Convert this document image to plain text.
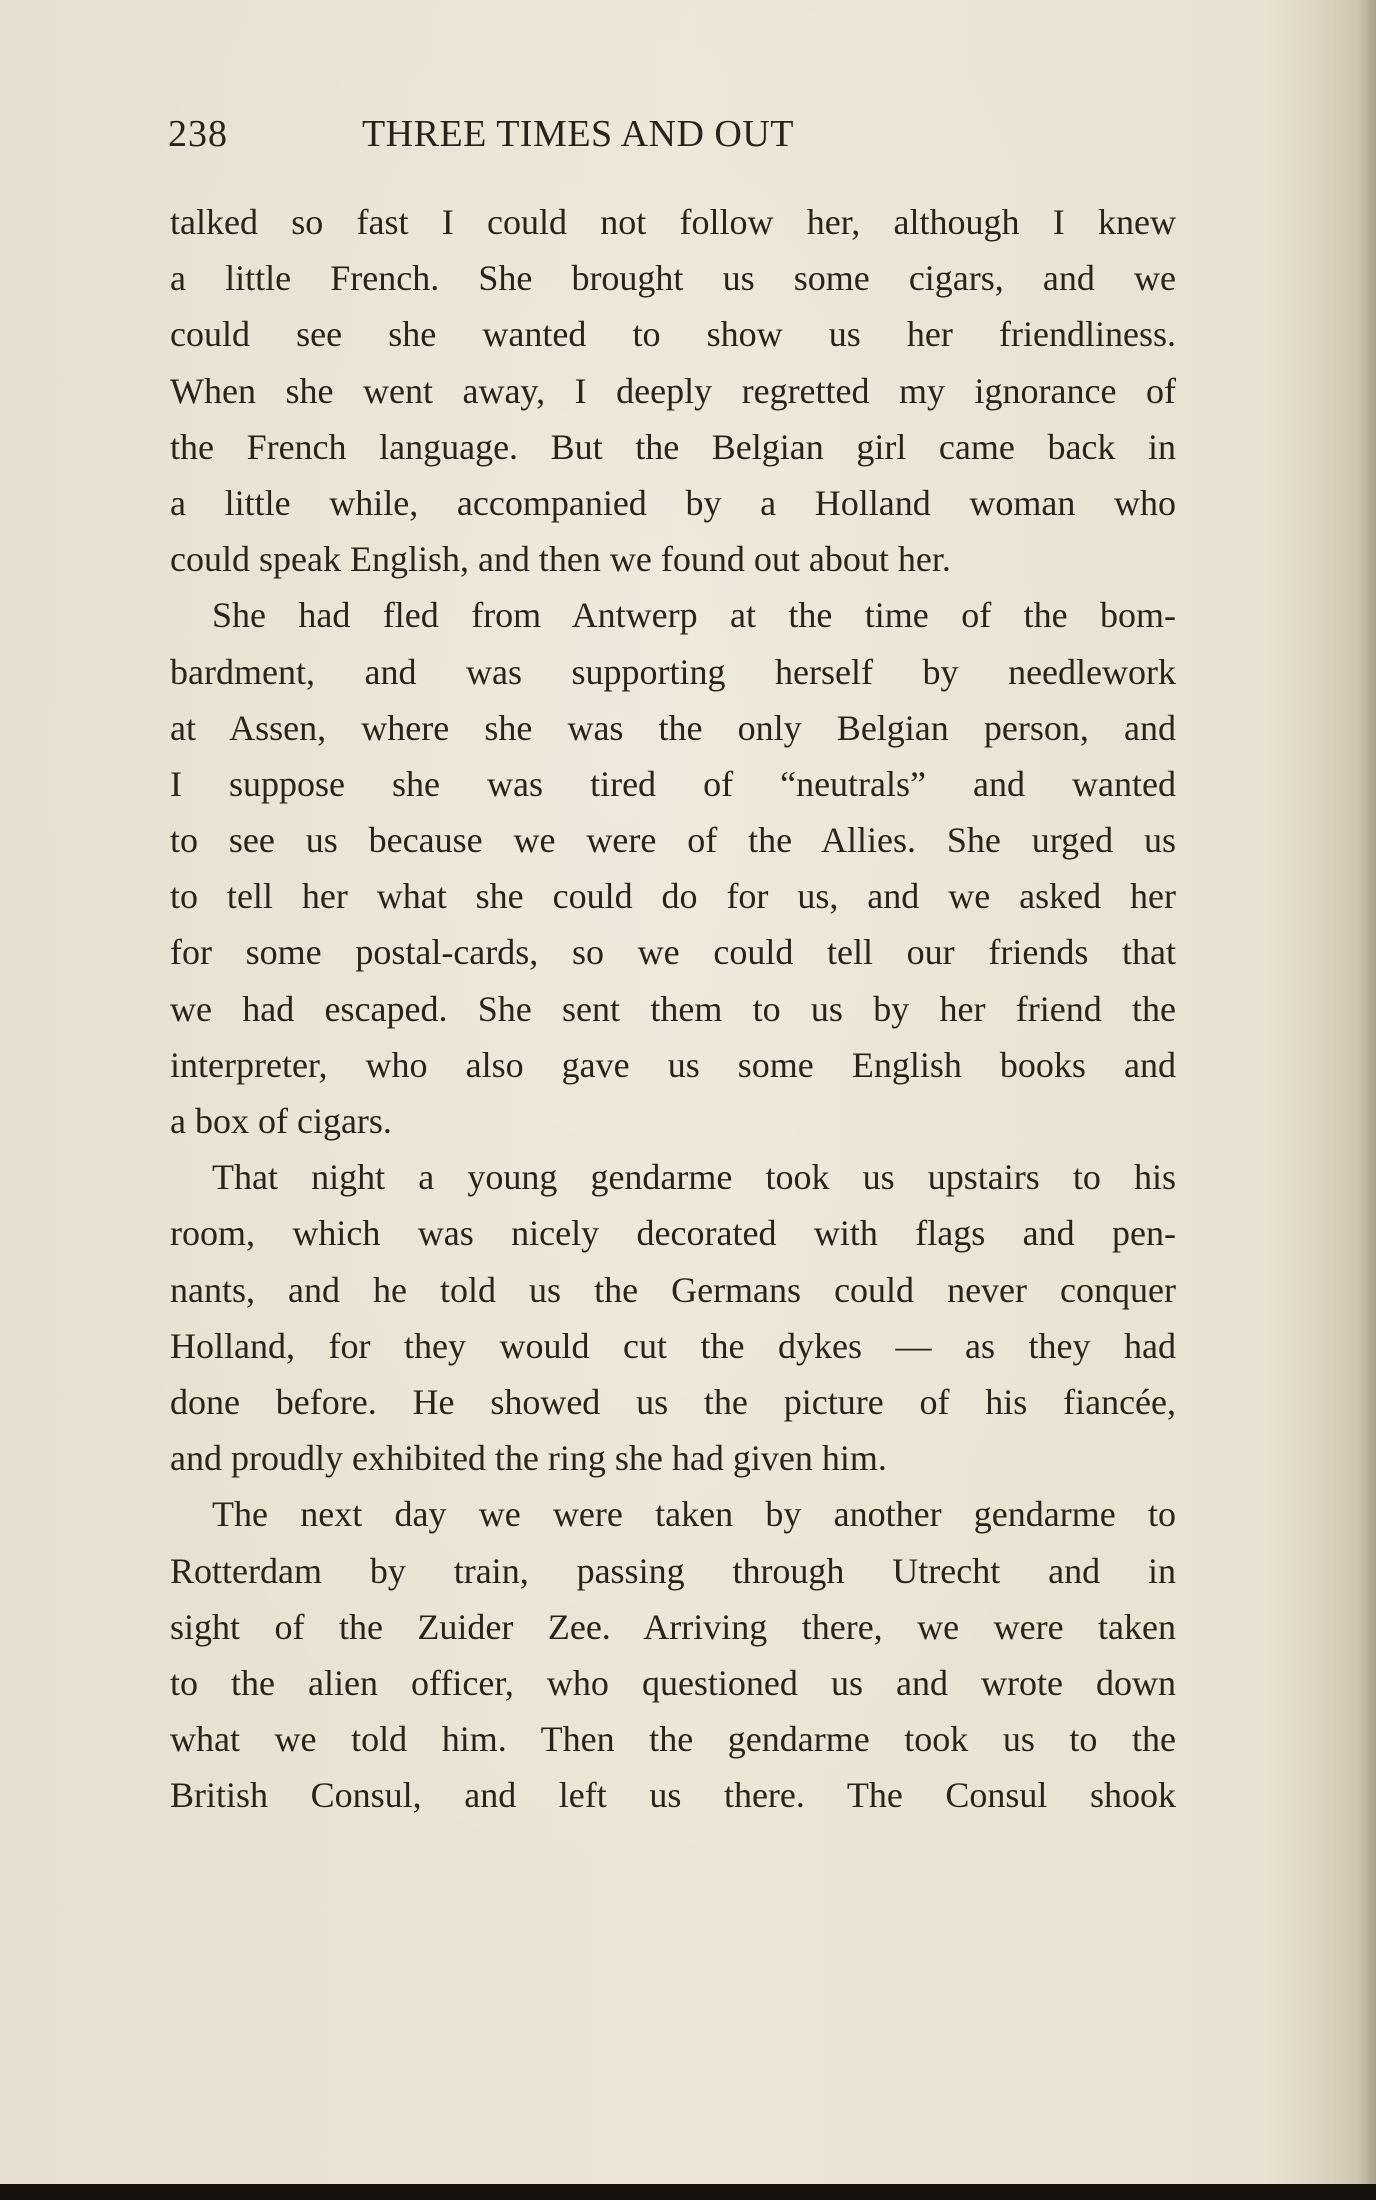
238	THREE TIMES AND OUT
talked so fast I could not follow her, although I knew
a little French. She brought us some cigars, and we
could see she wanted to show us her friendliness.
When she went away, I deeply regretted my ignorance of
the French language. But the Belgian girl came back in
a little while, accompanied by a Holland woman who
could speak English, and then we found out about her.
She had fled from Antwerp at the time of the bom-
bardment, and was supporting herself by needlework
at Assen, where she was the only Belgian person, and
I suppose she was tired of “neutrals” and wanted
to see us because we were of the Allies. She urged us
to tell her what she could do for us, and we asked her
for some postal-cards, so we could tell our friends that
we had escaped. She sent them to us by her friend the
interpreter, who also gave us some English books and
a box of cigars.
That night a young gendarme took us upstairs to his
room, which was nicely decorated with flags and pen-
nants, and he told us the Germans could never conquer
Holland, for they would cut the dykes — as they had
done before. He showed us the picture of his fiancée,
and proudly exhibited the ring she had given him.
The next day we were taken by another gendarme to
Rotterdam by train, passing through Utrecht and in
sight of the Zuider Zee. Arriving there, we were taken
to the alien officer, who questioned us and wrote down
what we told him. Then the gendarme took us to the
British Consul, and left us there. The Consul shook
